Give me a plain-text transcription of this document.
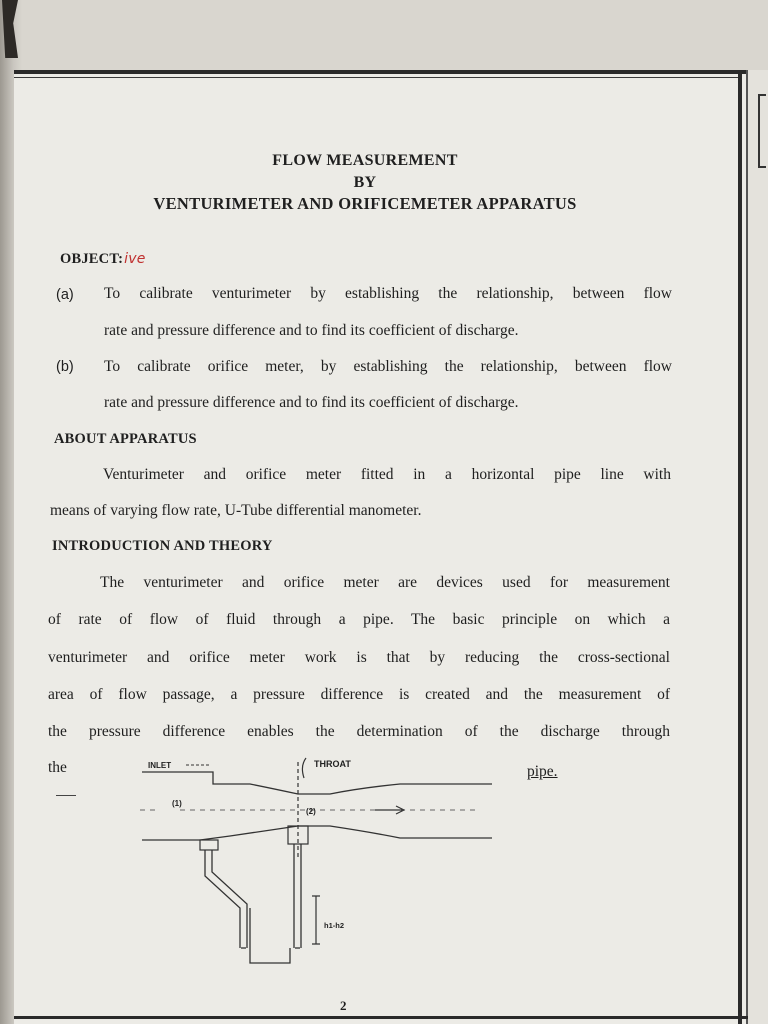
FLOW MEASUREMENT
BY
VENTURIMETER AND ORIFICEMETER APPARATUS
OBJECT:ive
(a) To calibrate venturimeter by establishing the relationship, between flow
rate and pressure difference and to find its coefficient of discharge.
(b) To calibrate orifice meter, by establishing the relationship, between flow
rate and pressure difference and to find its coefficient of discharge.
ABOUT APPARATUS
Venturimeter and orifice meter fitted in a horizontal pipe line with
means of varying flow rate, U-Tube differential manometer.
INTRODUCTION AND THEORY
The venturimeter and orifice meter are devices used for measurement
of rate of flow of fluid through a pipe. The basic principle on which a
venturimeter and orifice meter work is that by reducing the cross-sectional
area of flow passage, a pressure difference is created and the measurement of
the pressure difference enables the determination of the discharge through
the	pipe.
INLET	THROAT
(1)
(2)
h1-h2
2
